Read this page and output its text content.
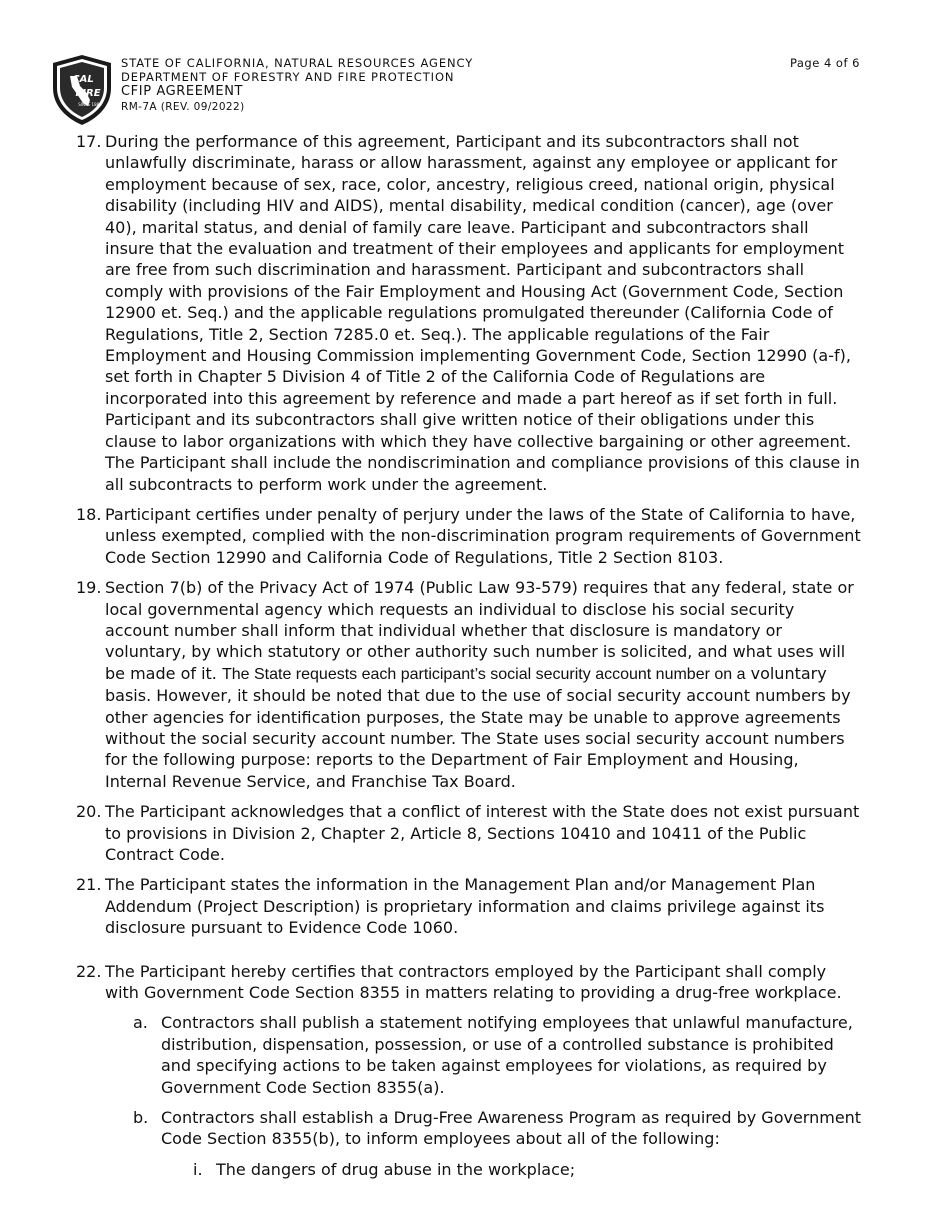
CAL
FIRE
SINCE 1885
STATE OF CALIFORNIA, NATURAL RESOURCES AGENCY
DEPARTMENT OF FORESTRY AND FIRE PROTECTION
CFIP AGREEMENT
RM-7A (REV. 09/2022)
Page 4 of 6
17. During the performance of this agreement, Participant and its subcontractors shall not unlawfully discriminate, harass or allow harassment, against any employee or applicant for employment because of sex, race, color, ancestry, religious creed, national origin, physical disability (including HIV and AIDS), mental disability, medical condition (cancer), age (over 40), marital status, and denial of family care leave. Participant and subcontractors shall insure that the evaluation and treatment of their employees and applicants for employment are free from such discrimination and harassment. Participant and subcontractors shall comply with provisions of the Fair Employment and Housing Act (Government Code, Section 12900 et. Seq.) and the applicable regulations promulgated thereunder (California Code of Regulations, Title 2, Section 7285.0 et. Seq.). The applicable regulations of the Fair Employment and Housing Commission implementing Government Code, Section 12990 (a-f), set forth in Chapter 5 Division 4 of Title 2 of the California Code of Regulations are incorporated into this agreement by reference and made a part hereof as if set forth in full. Participant and its subcontractors shall give written notice of their obligations under this clause to labor organizations with which they have collective bargaining or other agreement. The Participant shall include the nondiscrimination and compliance provisions of this clause in all subcontracts to perform work under the agreement.
18. Participant certifies under penalty of perjury under the laws of the State of California to have, unless exempted, complied with the non-discrimination program requirements of Government Code Section 12990 and California Code of Regulations, Title 2 Section 8103.
19. Section 7(b) of the Privacy Act of 1974 (Public Law 93-579) requires that any federal, state or local governmental agency which requests an individual to disclose his social security account number shall inform that individual whether that disclosure is mandatory or voluntary, by which statutory or other authority such number is solicited, and what uses will be made of it. The State requests each participant’s social security account number on a voluntary basis. However, it should be noted that due to the use of social security account numbers by other agencies for identification purposes, the State may be unable to approve agreements without the social security account number. The State uses social security account numbers for the following purpose: reports to the Department of Fair Employment and Housing, Internal Revenue Service, and Franchise Tax Board.
20. The Participant acknowledges that a conflict of interest with the State does not exist pursuant to provisions in Division 2, Chapter 2, Article 8, Sections 10410 and 10411 of the Public Contract Code.
21. The Participant states the information in the Management Plan and/or Management Plan Addendum (Project Description) is proprietary information and claims privilege against its disclosure pursuant to Evidence Code 1060.
22. The Participant hereby certifies that contractors employed by the Participant shall comply with Government Code Section 8355 in matters relating to providing a drug-free workplace.
a. Contractors shall publish a statement notifying employees that unlawful manufacture, distribution, dispensation, possession, or use of a controlled substance is prohibited and specifying actions to be taken against employees for violations, as required by Government Code Section 8355(a).
b. Contractors shall establish a Drug-Free Awareness Program as required by Government Code Section 8355(b), to inform employees about all of the following:
i. The dangers of drug abuse in the workplace;
